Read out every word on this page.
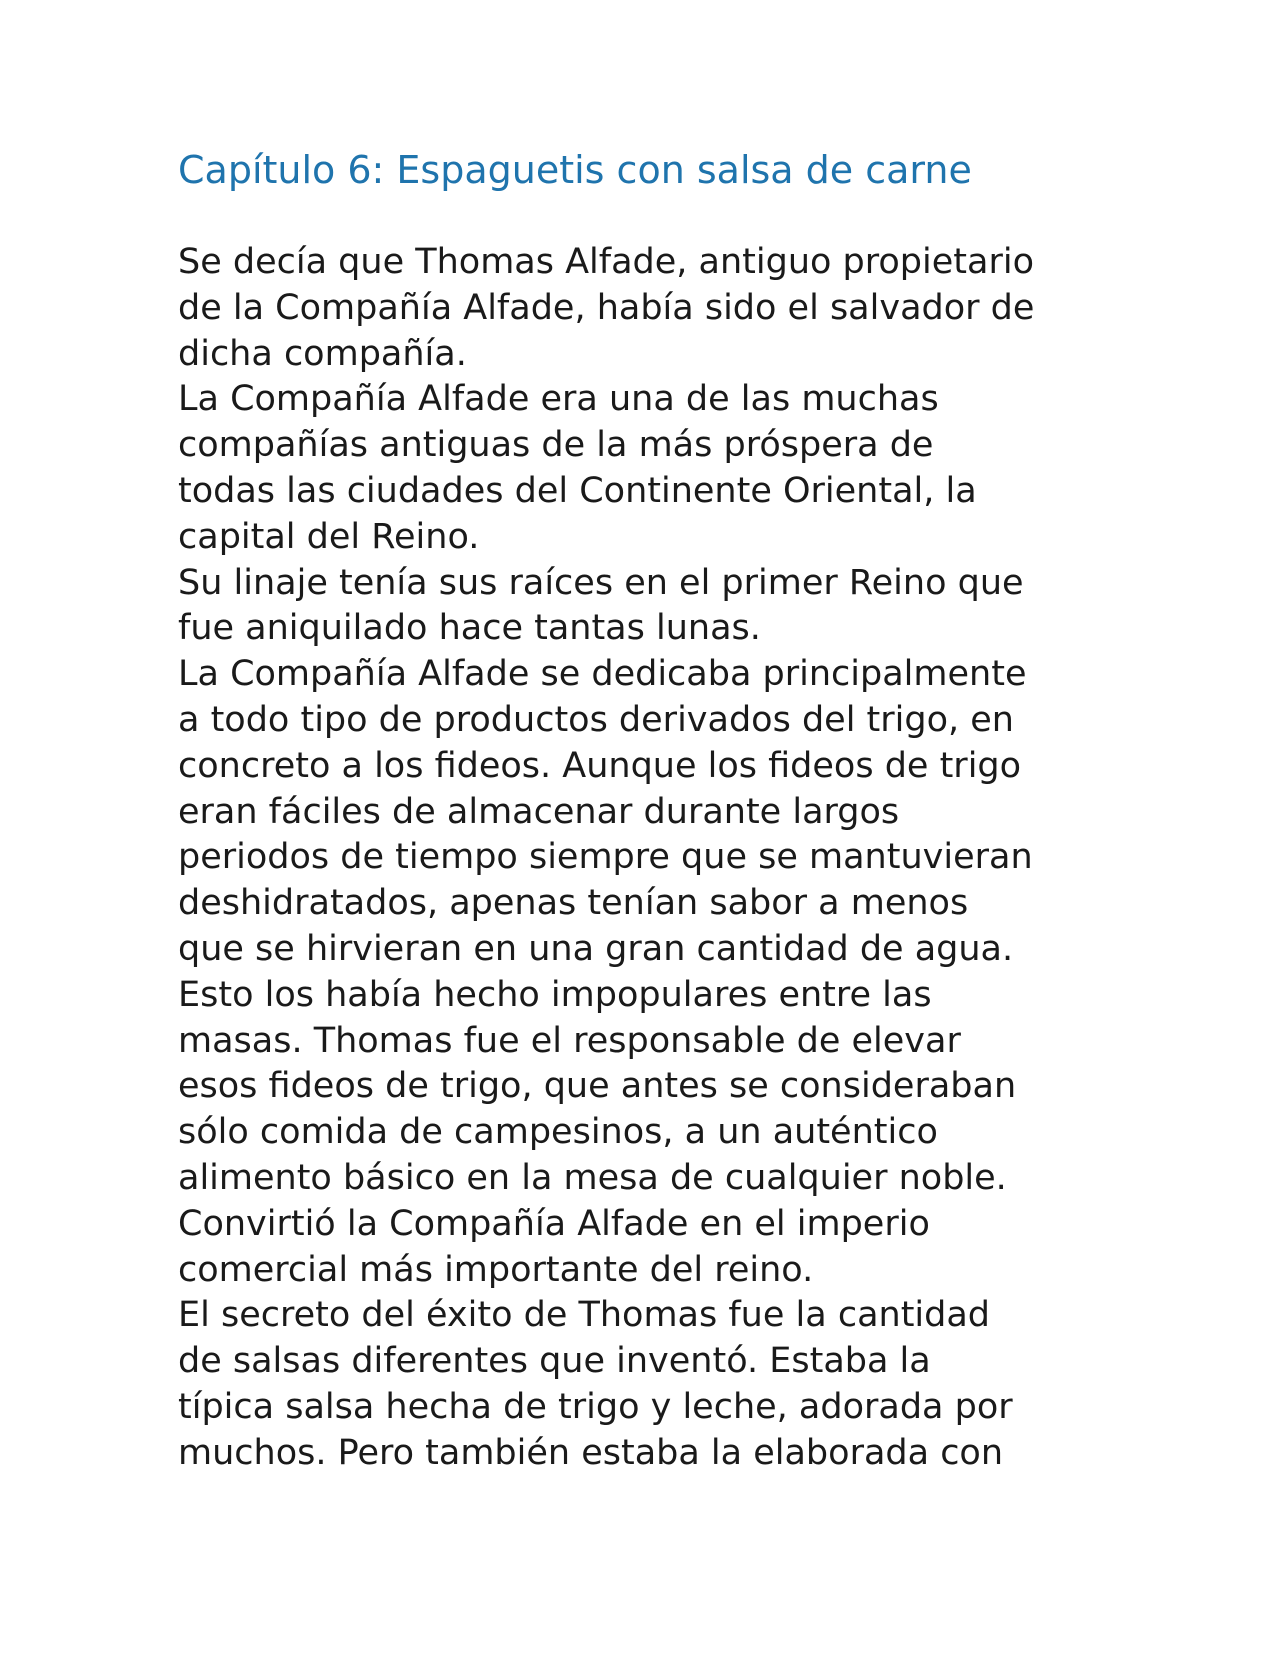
Capítulo 6: Espaguetis con salsa de carne
Se decía que Thomas Alfade, antiguo propietario
de la Compañía Alfade, había sido el salvador de
dicha compañía.
La Compañía Alfade era una de las muchas
compañías antiguas de la más próspera de
todas las ciudades del Continente Oriental, la
capital del Reino.
Su linaje tenía sus raíces en el primer Reino que
fue aniquilado hace tantas lunas.
La Compañía Alfade se dedicaba principalmente
a todo tipo de productos derivados del trigo, en
concreto a los fideos. Aunque los fideos de trigo
eran fáciles de almacenar durante largos
periodos de tiempo siempre que se mantuvieran
deshidratados, apenas tenían sabor a menos
que se hirvieran en una gran cantidad de agua.
Esto los había hecho impopulares entre las
masas. Thomas fue el responsable de elevar
esos fideos de trigo, que antes se consideraban
sólo comida de campesinos, a un auténtico
alimento básico en la mesa de cualquier noble.
Convirtió la Compañía Alfade en el imperio
comercial más importante del reino.
El secreto del éxito de Thomas fue la cantidad
de salsas diferentes que inventó. Estaba la
típica salsa hecha de trigo y leche, adorada por
muchos. Pero también estaba la elaborada con
